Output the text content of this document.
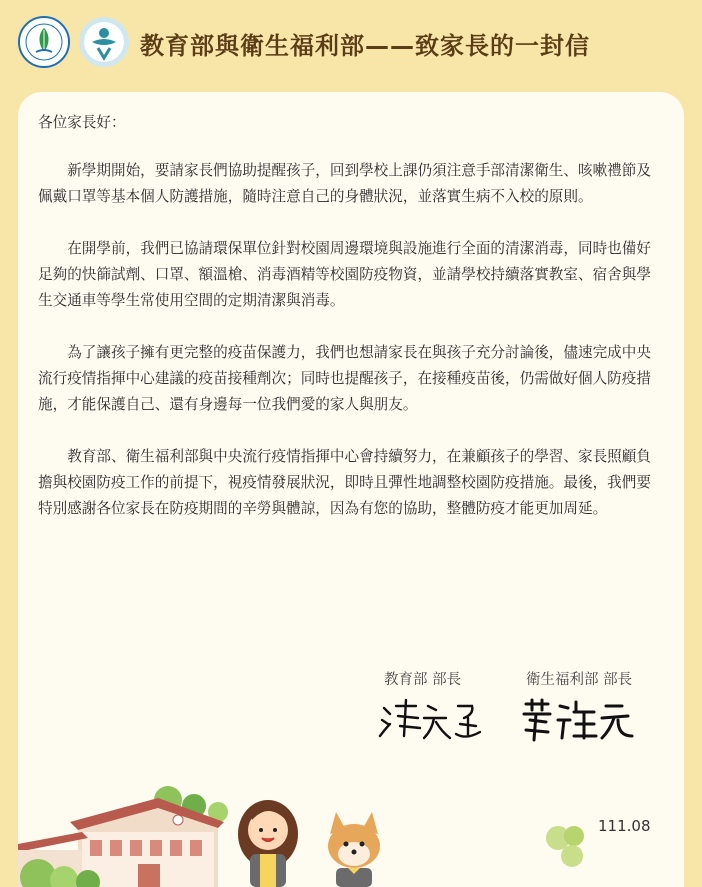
教育部與衛生福利部——致家長的一封信

各位家長好：

新學期開始，要請家長們協助提醒孩子，回到學校上課仍須注意手部清潔衛生、咳嗽禮節及佩戴口罩等基本個人防護措施，隨時注意自己的身體狀況，並落實生病不入校的原則。

在開學前，我們已協請環保單位針對校園周邊環境與設施進行全面的清潔消毒，同時也備好足夠的快篩試劑、口罩、額溫槍、消毒酒精等校園防疫物資，並請學校持續落實教室、宿舍與學生交通車等學生常使用空間的定期清潔與消毒。

為了讓孩子擁有更完整的疫苗保護力，我們也想請家長在與孩子充分討論後，儘速完成中央流行疫情指揮中心建議的疫苗接種劑次；同時也提醒孩子，在接種疫苗後，仍需做好個人防疫措施，才能保護自己、還有身邊每一位我們愛的家人與朋友。

教育部、衛生福利部與中央流行疫情指揮中心會持續努力，在兼顧孩子的學習、家長照顧負擔與校園防疫工作的前提下，視疫情發展狀況，即時且彈性地調整校園防疫措施。最後，我們要特別感謝各位家長在防疫期間的辛勞與體諒，因為有您的協助，整體防疫才能更加周延。

教育部 部長	衛生福利部 部長
111.08
